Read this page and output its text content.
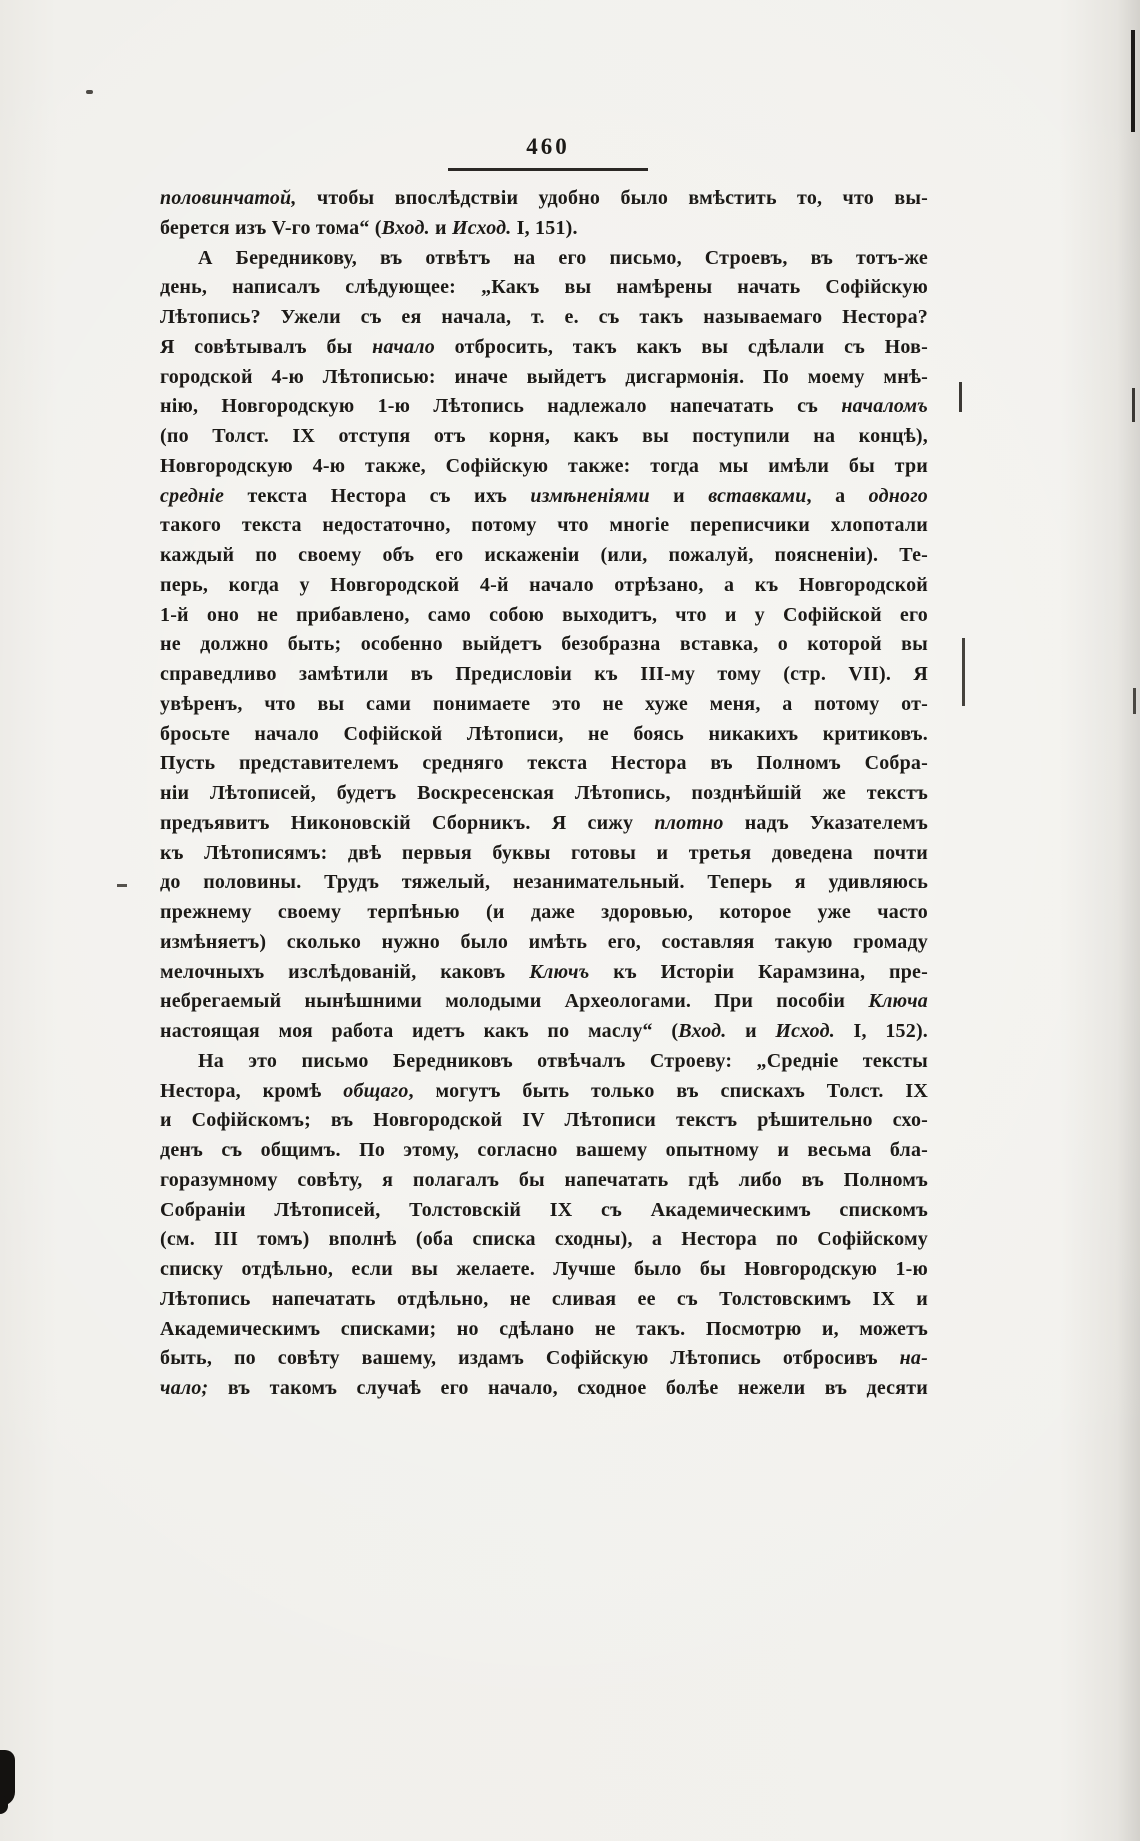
460
половинчатой, чтобы впослѣдствіи удобно было вмѣстить то, что вы-
берется изъ V-го тома“ (Вход. и Исход. I, 151).
А Бередникову, въ отвѣтъ на его письмо, Строевъ, въ тотъ-же
день, написалъ слѣдующее: „Какъ вы намѣрены начать Софійскую
Лѣтопись? Ужели съ ея начала, т. е. съ такъ называемаго Нестора?
Я совѣтывалъ бы начало отбросить, такъ какъ вы сдѣлали съ Нов-
городской 4-ю Лѣтописью: иначе выйдетъ дисгармонія. По моему мнѣ-
нію, Новгородскую 1-ю Лѣтопись надлежало напечатать съ началомъ
(по Толст. IX отступя отъ корня, какъ вы поступили на концѣ),
Новгородскую 4-ю также, Софійскую также: тогда мы имѣли бы три
средніе текста Нестора съ ихъ измѣненіями и вставками, а одного
такого текста недостаточно, потому что многіе переписчики хлопотали
каждый по своему объ его искаженіи (или, пожалуй, поясненіи). Те-
перь, когда у Новгородской 4-й начало отрѣзано, а къ Новгородской
1-й оно не прибавлено, само собою выходитъ, что и у Софійской его
не должно быть; особенно выйдетъ безобразна вставка, о которой вы
справедливо замѣтили въ Предисловіи къ III-му тому (стр. VII). Я
увѣренъ, что вы сами понимаете это не хуже меня, а потому от-
бросьте начало Софійской Лѣтописи, не боясь никакихъ критиковъ.
Пусть представителемъ средняго текста Нестора въ Полномъ Собра-
ніи Лѣтописей, будетъ Воскресенская Лѣтопись, позднѣйшій же текстъ
предъявитъ Никоновскій Сборникъ. Я сижу плотно надъ Указателемъ
къ Лѣтописямъ: двѣ первыя буквы готовы и третья доведена почти
до половины. Трудъ тяжелый, незанимательный. Теперь я удивляюсь
прежнему своему терпѣнью (и даже здоровью, которое уже часто
измѣняетъ) сколько нужно было имѣть его, составляя такую громаду
мелочныхъ изслѣдованій, каковъ Ключъ къ Исторіи Карамзина, пре-
небрегаемый нынѣшними молодыми Археологами. При пособіи Ключа
настоящая моя работа идетъ какъ по маслу“ (Вход. и Исход. I, 152).
На это письмо Бередниковъ отвѣчалъ Строеву: „Средніе тексты
Нестора, кромѣ общаго, могутъ быть только въ спискахъ Толст. IX
и Софійскомъ; въ Новгородской IV Лѣтописи текстъ рѣшительно схо-
денъ съ общимъ. По этому, согласно вашему опытному и весьма бла-
горазумному совѣту, я полагалъ бы напечатать гдѣ либо въ Полномъ
Собраніи Лѣтописей, Толстовскій IX съ Академическимъ спискомъ
(см. III томъ) вполнѣ (оба списка сходны), а Нестора по Софійскому
списку отдѣльно, если вы желаете. Лучше было бы Новгородскую 1-ю
Лѣтопись напечатать отдѣльно, не сливая ее съ Толстовскимъ IX и
Академическимъ списками; но сдѣлано не такъ. Посмотрю и, можетъ
быть, по совѣту вашему, издамъ Софійскую Лѣтопись отбросивъ на-
чало; въ такомъ случаѣ его начало, сходное болѣе нежели въ десяти
